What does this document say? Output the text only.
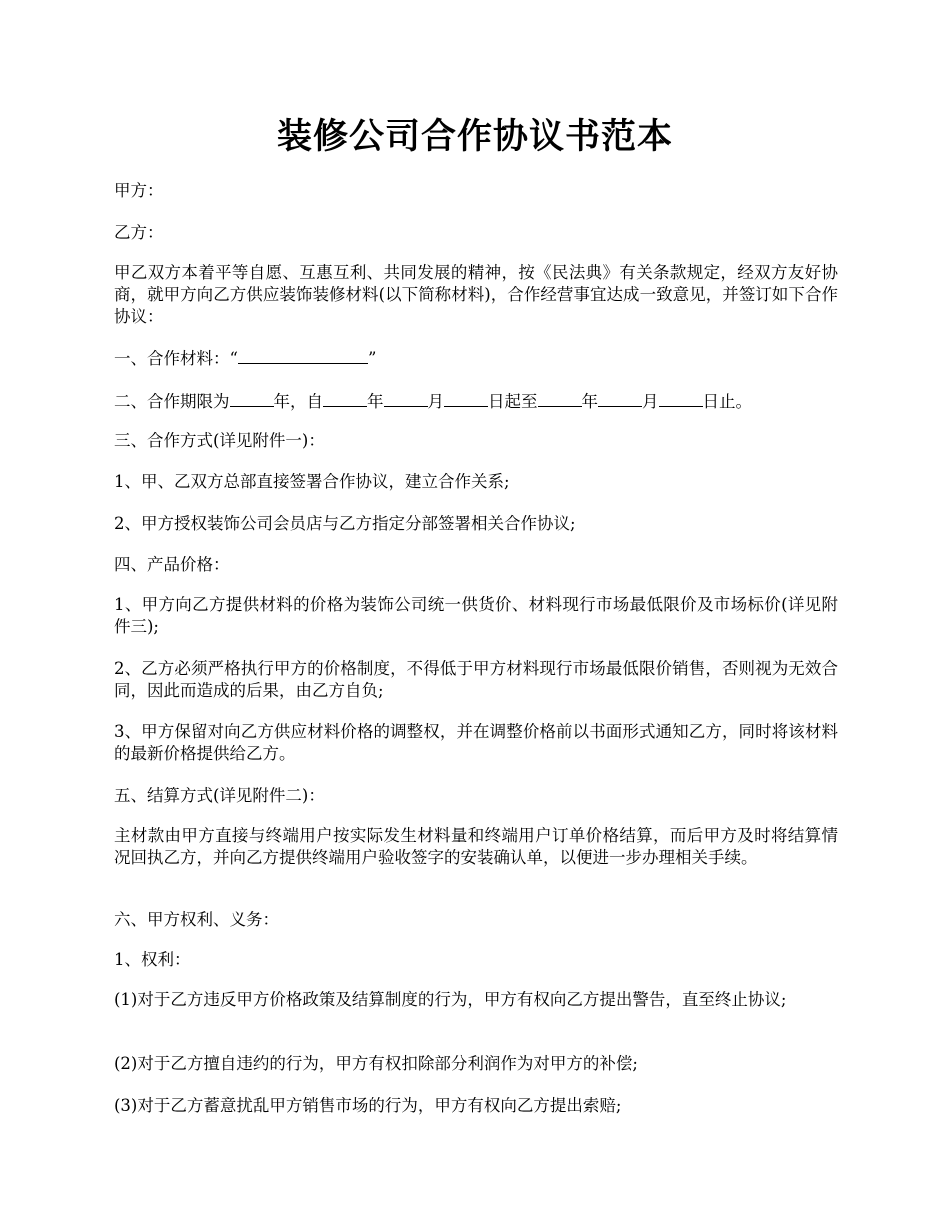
装修公司合作协议书范本
甲方：
乙方：
甲乙双方本着平等自愿、互惠互利、共同发展的精神，按《民法典》有关条款规定，经双方友好协商，就甲方向乙方供应装饰装修材料(以下简称材料)，合作经营事宜达成一致意见，并签订如下合作协议：
一、合作材料：“	”
二、合作期限为	年，自	年	月	日起至	年	月	日止。
三、合作方式(详见附件一)：
1、甲、乙双方总部直接签署合作协议，建立合作关系;
2、甲方授权装饰公司会员店与乙方指定分部签署相关合作协议;
四、产品价格：
1、甲方向乙方提供材料的价格为装饰公司统一供货价、材料现行市场最低限价及市场标价(详见附件三);
2、乙方必须严格执行甲方的价格制度，不得低于甲方材料现行市场最低限价销售，否则视为无效合同，因此而造成的后果，由乙方自负;
3、甲方保留对向乙方供应材料价格的调整权，并在调整价格前以书面形式通知乙方，同时将该材料的最新价格提供给乙方。
五、结算方式(详见附件二)：
主材款由甲方直接与终端用户按实际发生材料量和终端用户订单价格结算，而后甲方及时将结算情况回执乙方，并向乙方提供终端用户验收签字的安装确认单，以便进一步办理相关手续。
六、甲方权利、义务：
1、权利：
(1)对于乙方违反甲方价格政策及结算制度的行为，甲方有权向乙方提出警告，直至终止协议;
(2)对于乙方擅自违约的行为，甲方有权扣除部分利润作为对甲方的补偿;
(3)对于乙方蓄意扰乱甲方销售市场的行为，甲方有权向乙方提出索赔;
